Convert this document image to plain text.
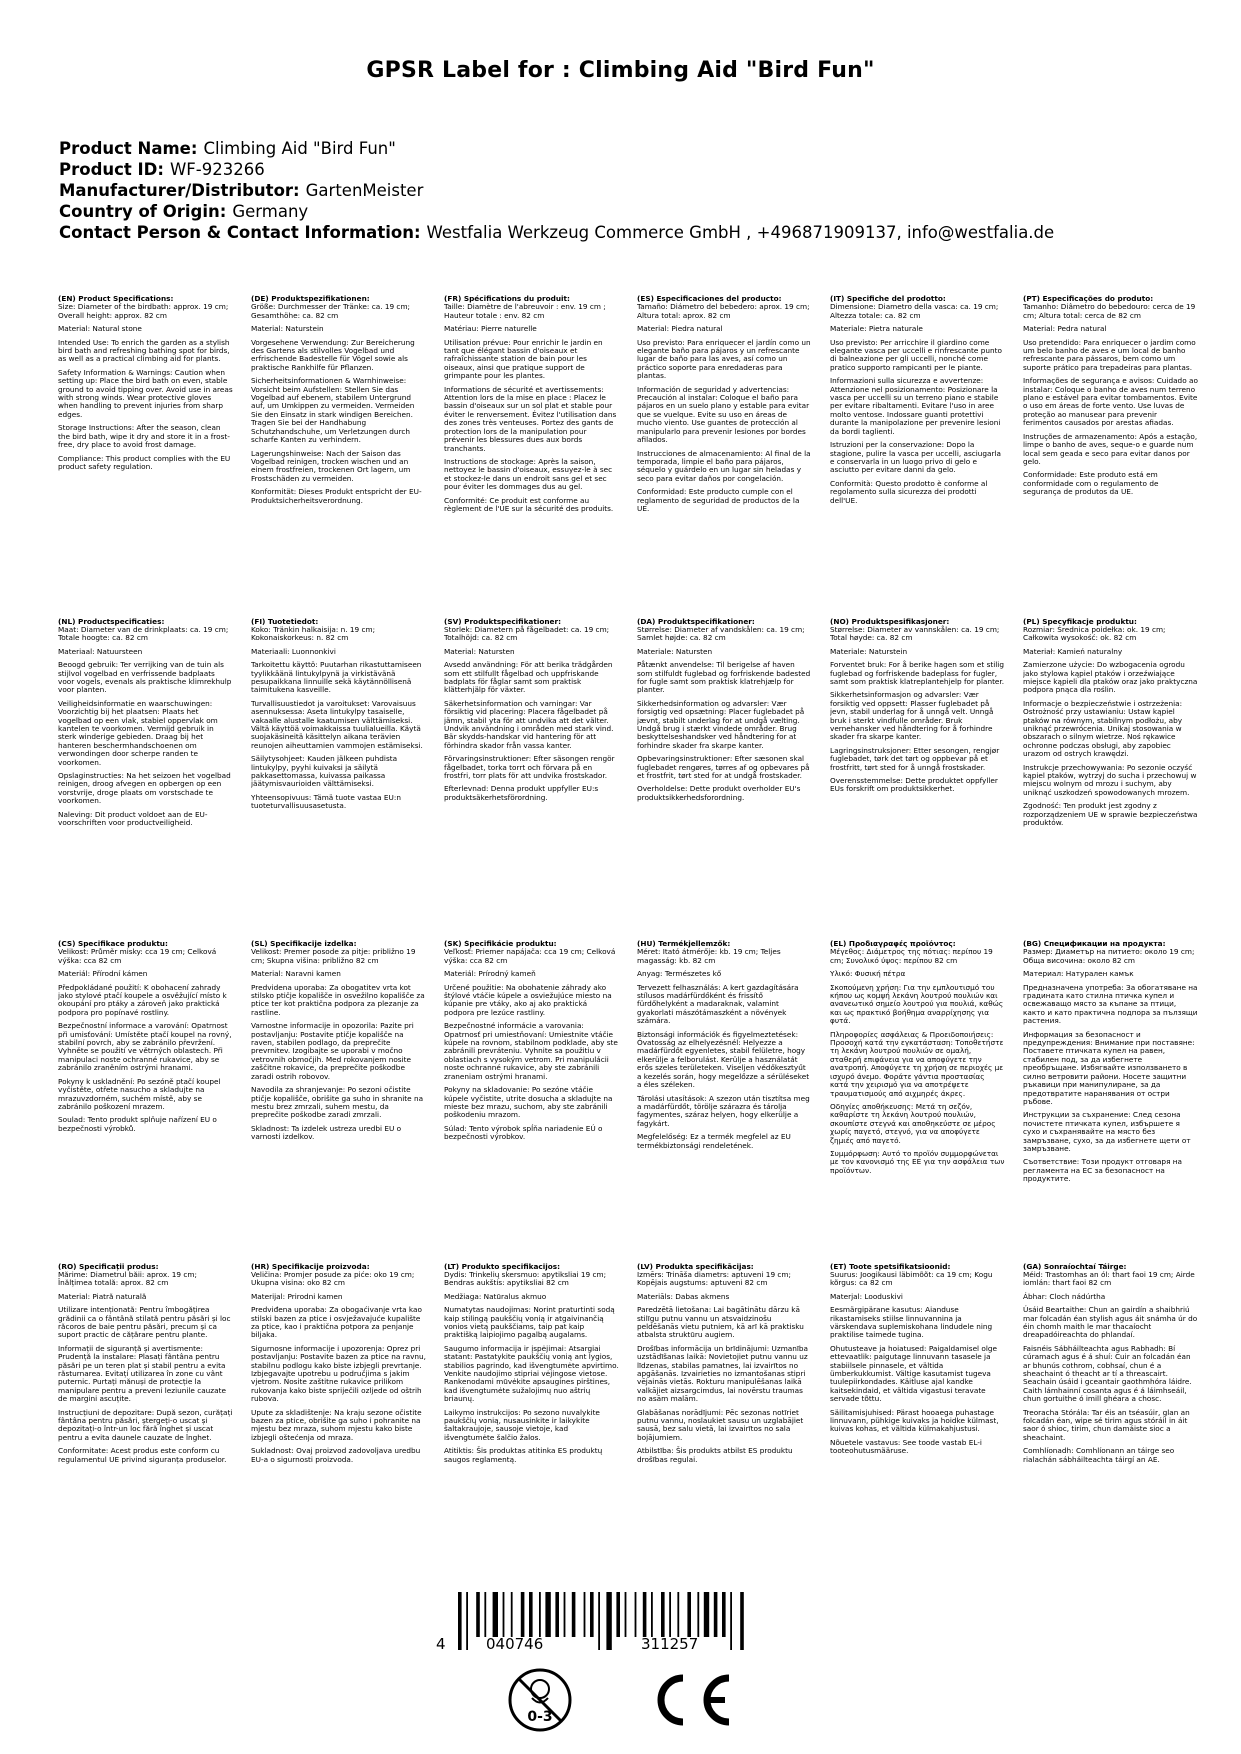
GPSR Label for : Climbing Aid "Bird Fun"
Product Name: Climbing Aid "Bird Fun"
Product ID: WF-923266
Manufacturer/Distributor: GartenMeister
Country of Origin: Germany
Contact Person & Contact Information: Westfalia Werkzeug Commerce GmbH , +496871909137, info@westfalia.de
(EN) Product Specifications:
Size: Diameter of the birdbath: approx. 19 cm; Overall height: approx. 82 cm
Material: Natural stone
Intended Use: To enrich the garden as a stylish bird bath and refreshing bathing spot for birds, as well as a practical climbing aid for plants.
Safety Information & Warnings: Caution when setting up: Place the bird bath on even, stable ground to avoid tipping over. Avoid use in areas with strong winds. Wear protective gloves when handling to prevent injuries from sharp edges.
Storage Instructions: After the season, clean the bird bath, wipe it dry and store it in a frost-free, dry place to avoid frost damage.
Compliance: This product complies with the EU product safety regulation.
(DE) Produktspezifikationen:
Größe: Durchmesser der Tränke: ca. 19 cm; Gesamthöhe: ca. 82 cm
Material: Naturstein
Vorgesehene Verwendung: Zur Bereicherung des Gartens als stilvolles Vogelbad und erfrischende Badestelle für Vögel sowie als praktische Rankhilfe für Pflanzen.
Sicherheitsinformationen & Warnhinweise: Vorsicht beim Aufstellen: Stellen Sie das Vogelbad auf ebenem, stabilem Untergrund auf, um Umkippen zu vermeiden. Vermeiden Sie den Einsatz in stark windigen Bereichen. Tragen Sie bei der Handhabung Schutzhandschuhe, um Verletzungen durch scharfe Kanten zu verhindern.
Lagerungshinweise: Nach der Saison das Vogelbad reinigen, trocken wischen und an einem frostfreien, trockenen Ort lagern, um Frostschäden zu vermeiden.
Konformität: Dieses Produkt entspricht der EU-Produktsicherheitsverordnung.
(FR) Spécifications du produit:
Taille: Diamètre de l'abreuvoir : env. 19 cm ; Hauteur totale : env. 82 cm
Matériau: Pierre naturelle
Utilisation prévue: Pour enrichir le jardin en tant que élégant bassin d'oiseaux et rafraîchissante station de bain pour les oiseaux, ainsi que pratique support de grimpante pour les plantes.
Informations de sécurité et avertissements: Attention lors de la mise en place : Placez le bassin d'oiseaux sur un sol plat et stable pour éviter le renversement. Évitez l'utilisation dans des zones très venteuses. Portez des gants de protection lors de la manipulation pour prévenir les blessures dues aux bords tranchants.
Instructions de stockage: Après la saison, nettoyez le bassin d'oiseaux, essuyez-le à sec et stockez-le dans un endroit sans gel et sec pour éviter les dommages dus au gel.
Conformité: Ce produit est conforme au règlement de l'UE sur la sécurité des produits.
(ES) Especificaciones del producto:
Tamaño: Diámetro del bebedero: aprox. 19 cm; Altura total: aprox. 82 cm
Material: Piedra natural
Uso previsto: Para enriquecer el jardín como un elegante baño para pájaros y un refrescante lugar de baño para las aves, así como un práctico soporte para enredaderas para plantas.
Información de seguridad y advertencias: Precaución al instalar: Coloque el baño para pájaros en un suelo plano y estable para evitar que se vuelque. Evite su uso en áreas de mucho viento. Use guantes de protección al manipularlo para prevenir lesiones por bordes afilados.
Instrucciones de almacenamiento: Al final de la temporada, limpie el baño para pájaros, séquelo y guárdelo en un lugar sin heladas y seco para evitar daños por congelación.
Conformidad: Este producto cumple con el reglamento de seguridad de productos de la UE.
(IT) Specifiche del prodotto:
Dimensione: Diametro della vasca: ca. 19 cm; Altezza totale: ca. 82 cm
Materiale: Pietra naturale
Uso previsto: Per arricchire il giardino come elegante vasca per uccelli e rinfrescante punto di balneazione per gli uccelli, nonché come pratico supporto rampicanti per le piante.
Informazioni sulla sicurezza e avvertenze: Attenzione nel posizionamento: Posizionare la vasca per uccelli su un terreno piano e stabile per evitare ribaltamenti. Evitare l'uso in aree molto ventose. Indossare guanti protettivi durante la manipolazione per prevenire lesioni da bordi taglienti.
Istruzioni per la conservazione: Dopo la stagione, pulire la vasca per uccelli, asciugarla e conservarla in un luogo privo di gelo e asciutto per evitare danni da gelo.
Conformità: Questo prodotto è conforme al regolamento sulla sicurezza dei prodotti dell'UE.
(PT) Especificações do produto:
Tamanho: Diâmetro do bebedouro: cerca de 19 cm; Altura total: cerca de 82 cm
Material: Pedra natural
Uso pretendido: Para enriquecer o jardim como um belo banho de aves e um local de banho refrescante para pássaros, bem como um suporte prático para trepadeiras para plantas.
Informações de segurança e avisos: Cuidado ao instalar: Coloque o banho de aves num terreno plano e estável para evitar tombamentos. Evite o uso em áreas de forte vento. Use luvas de proteção ao manusear para prevenir ferimentos causados por arestas afiadas.
Instruções de armazenamento: Após a estação, limpe o banho de aves, seque-o e guarde num local sem geada e seco para evitar danos por gelo.
Conformidade: Este produto está em conformidade com o regulamento de segurança de produtos da UE.
(NL) Productspecificaties:
Maat: Diameter van de drinkplaats: ca. 19 cm; Totale hoogte: ca. 82 cm
Materiaal: Natuursteen
Beoogd gebruik: Ter verrijking van de tuin als stijlvol vogelbad en verfrissende badplaats voor vogels, evenals als praktische klimrekhulp voor planten.
Veiligheidsinformatie en waarschuwingen: Voorzichtig bij het plaatsen: Plaats het vogelbad op een vlak, stabiel oppervlak om kantelen te voorkomen. Vermijd gebruik in sterk winderige gebieden. Draag bij het hanteren beschermhandschoenen om verwondingen door scherpe randen te voorkomen.
Opslaginstructies: Na het seizoen het vogelbad reinigen, droog afvegen en opbergen op een vorstvrije, droge plaats om vorstschade te voorkomen.
Naleving: Dit product voldoet aan de EU-voorschriften voor productveiligheid.
(FI) Tuotetiedot:
Koko: Tränkin halkaisija: n. 19 cm; Kokonaiskorkeus: n. 82 cm
Materiaali: Luonnonkivi
Tarkoitettu käyttö: Puutarhan rikastuttamiseen tyylikkäänä lintukylpynä ja virkistävänä pesupaikkana linnuille sekä käytännöllisenä taimitukena kasveille.
Turvallisuustiedot ja varoitukset: Varovaisuus asennuksessa: Aseta lintukylpy tasaiselle, vakaalle alustalle kaatumisen välttämiseksi. Vältä käyttöä voimakkaissa tuulialueilla. Käytä suojakäsineitä käsittelyn aikana terävien reunojen aiheuttamien vammojen estämiseksi.
Säilytysohjeet: Kauden jälkeen puhdista lintukylpy, pyyhi kuivaksi ja säilytä pakkasettomassa, kuivassa paikassa jäätymisvaurioiden välttämiseksi.
Yhteensopivuus: Tämä tuote vastaa EU:n tuoteturvallisuusasetusta.
(SV) Produktspecifikationer:
Storlek: Diametern på fågelbadet: ca. 19 cm; Totalhöjd: ca. 82 cm
Material: Natursten
Avsedd användning: För att berika trädgården som ett stilfullt fågelbad och uppfriskande badplats för fåglar samt som praktisk klätterhjälp för växter.
Säkerhetsinformation och varningar: Var försiktig vid placering: Placera fågelbadet på jämn, stabil yta för att undvika att det välter. Undvik användning i områden med stark vind. Bär skydds-handskar vid hantering för att förhindra skador från vassa kanter.
Förvaringsinstruktioner: Efter säsongen rengör fågelbadet, torka torrt och förvara på en frostfri, torr plats för att undvika frostskador.
Efterlevnad: Denna produkt uppfyller EU:s produktsäkerhetsförordning.
(DA) Produktspecifikationer:
Størrelse: Diameter af vandskålen: ca. 19 cm; Samlet højde: ca. 82 cm
Materiale: Natursten
Påtænkt anvendelse: Til berigelse af haven som stilfuldt fuglebad og forfriskende badested for fugle samt som praktisk klatrehjælp for planter.
Sikkerhedsinformation og advarsler: Vær forsigtig ved opsætning: Placer fuglebadet på jævnt, stabilt underlag for at undgå vælting. Undgå brug i stærkt vindede områder. Brug beskyttelseshandsker ved håndtering for at forhindre skader fra skarpe kanter.
Opbevaringsinstruktioner: Efter sæsonen skal fuglebadet rengøres, tørres af og opbevares på et frostfrit, tørt sted for at undgå frostskader.
Overholdelse: Dette produkt overholder EU's produktsikkerhedsforordning.
(NO) Produktspesifikasjoner:
Størrelse: Diameter av vannskålen: ca. 19 cm; Total høyde: ca. 82 cm
Materiale: Naturstein
Forventet bruk: For å berike hagen som et stilig fuglebad og forfriskende badeplass for fugler, samt som praktisk klatreplantehjelp for planter.
Sikkerhetsinformasjon og advarsler: Vær forsiktig ved oppsett: Plasser fuglebadet på jevn, stabil underlag for å unngå velt. Unngå bruk i sterkt vindfulle områder. Bruk vernehansker ved håndtering for å forhindre skader fra skarpe kanter.
Lagringsinstruksjoner: Etter sesongen, rengjør fuglebadet, tørk det tørt og oppbevar på et frostfritt, tørt sted for å unngå frostskader.
Overensstemmelse: Dette produktet oppfyller EUs forskrift om produktsikkerhet.
(PL) Specyfikacje produktu:
Rozmiar: Średnica poidełka: ok. 19 cm; Całkowita wysokość: ok. 82 cm
Materiał: Kamień naturalny
Zamierzone użycie: Do wzbogacenia ogrodu jako stylowa kąpiel ptaków i orzeźwiające miejsce kąpieli dla ptaków oraz jako praktyczna podpora pnąca dla roślin.
Informacje o bezpieczeństwie i ostrzeżenia: Ostrożność przy ustawianiu: Ustaw kąpiel ptaków na równym, stabilnym podłożu, aby uniknąć przewrócenia. Unikaj stosowania w obszarach o silnym wietrze. Noś rękawice ochronne podczas obsługi, aby zapobiec urazom od ostrych krawędzi.
Instrukcje przechowywania: Po sezonie oczyść kąpiel ptaków, wytrzyj do sucha i przechowuj w miejscu wolnym od mrozu i suchym, aby uniknąć uszkodzeń spowodowanych mrozem.
Zgodność: Ten produkt jest zgodny z rozporządzeniem UE w sprawie bezpieczeństwa produktów.
(CS) Specifikace produktu:
Velikost: Průměr misky: cca 19 cm; Celková výška: cca 82 cm
Materiál: Přírodní kámen
Předpokládané použití: K obohacení zahrady jako stylové ptačí koupele a osvěžující místo k okoupání pro ptáky a zároveň jako praktická podpora pro popínavé rostliny.
Bezpečnostní informace a varování: Opatrnost při umisťování: Umístěte ptačí koupel na rovný, stabilní povrch, aby se zabránilo převržení. Vyhněte se použití ve větrných oblastech. Při manipulaci noste ochranné rukavice, aby se zabránilo zraněním ostrými hranami.
Pokyny k uskladnění: Po sezóně ptačí koupel vyčistěte, otřete nasucho a skladujte na mrazuvzdorném, suchém místě, aby se zabránilo poškození mrazem.
Soulad: Tento produkt splňuje nařízení EU o bezpečnosti výrobků.
(SL) Specifikacije izdelka:
Velikost: Premer posode za pitje: približno 19 cm; Skupna višina: približno 82 cm
Material: Naravni kamen
Predvidena uporaba: Za obogatitev vrta kot stilsko ptičje kopališče in osvežilno kopališče za ptice ter kot praktična podpora za plezanje za rastline.
Varnostne informacije in opozorila: Pazite pri postavljanju: Postavite ptičje kopališče na raven, stabilen podlago, da preprečite prevrnitev. Izogibajte se uporabi v močno vetrovnih območjih. Med rokovanjem nosite zaščitne rokavice, da preprečite poškodbe zaradi ostrih robovov.
Navodila za shranjevanje: Po sezoni očistite ptičje kopališče, obrišite ga suho in shranite na mestu brez zmrzali, suhem mestu, da preprečite poškodbe zaradi zmrzali.
Skladnost: Ta izdelek ustreza uredbi EU o varnosti izdelkov.
(SK) Špecifikácie produktu:
Veľkosť: Priemer napájača: cca 19 cm; Celková výška: cca 82 cm
Materiál: Prírodný kameň
Určené použitie: Na obohatenie záhrady ako štýlové vtáčie kúpele a osviežujúce miesto na kúpanie pre vtáky, ako aj ako praktická podpora pre lezúce rastliny.
Bezpečnostné informácie a varovania: Opatrnosť pri umiestňovaní: Umiestnite vtáčie kúpele na rovnom, stabilnom podklade, aby ste zabránili prevráteniu. Vyhnite sa použitiu v oblastiach s vysokým vetrom. Pri manipulácii noste ochranné rukavice, aby ste zabránili zraneniam ostrými hranami.
Pokyny na skladovanie: Po sezóne vtáčie kúpele vyčistite, utrite dosucha a skladujte na mieste bez mrazu, suchom, aby ste zabránili poškodeniu mrazom.
Súlad: Tento výrobok spĺňa nariadenie EÚ o bezpečnosti výrobkov.
(HU) Termékjellemzők:
Méret: Itató átmérője: kb. 19 cm; Teljes magasság: kb. 82 cm
Anyag: Természetes kő
Tervezett felhasználás: A kert gazdagítására stílusos madárfürdőként és frissítő fürdőhelyként a madaraknak, valamint gyakorlati mászótámaszként a növények számára.
Biztonsági információk és figyelmeztetések: Óvatosság az elhelyezésnél: Helyezze a madárfürdőt egyenletes, stabil felületre, hogy elkerülje a felborulást. Kerülje a használatát erős szeles területeken. Viseljen védőkesztyűt a kezelés során, hogy megelőzze a sérüléseket a éles széleken.
Tárolási utasítások: A szezon után tisztítsa meg a madárfürdőt, törölje szárazra és tárolja fagymentes, száraz helyen, hogy elkerülje a fagykárt.
Megfelelőség: Ez a termék megfelel az EU termékbiztonsági rendeletének.
(EL) Προδιαγραφές προϊόντος:
Μέγεθος: Διάμετρος της πότιας: περίπου 19 cm; Συνολικό ύψος: περίπου 82 cm
Υλικό: Φυσική πέτρα
Σκοπούμενη χρήση: Για την εμπλουτισμό του κήπου ως κομψή λεκάνη λουτρού πουλιών και ανανεωτικό σημείο λουτρού για πουλιά, καθώς και ως πρακτικό βοήθημα αναρρίχησης για φυτά.
Πληροφορίες ασφάλειας & Προειδοποιήσεις: Προσοχή κατά την εγκατάσταση: Τοποθετήστε τη λεκάνη λουτρού πουλιών σε ομαλή, σταθερή επιφάνεια για να αποφύγετε την ανατροπή. Αποφύγετε τη χρήση σε περιοχές με ισχυρό άνεμο. Φοράτε γάντια προστασίας κατά την χειρισμό για να αποτρέψετε τραυματισμούς από αιχμηρές άκρες.
Οδηγίες αποθήκευσης: Μετά τη σεζόν, καθαρίστε τη λεκάνη λουτρού πουλιών, σκουπίστε στεγνά και αποθηκεύστε σε μέρος χωρίς παγετό, στεγνό, για να αποφύγετε ζημιές από παγετό.
Συμμόρφωση: Αυτό το προϊόν συμμορφώνεται με τον κανονισμό της ΕΕ για την ασφάλεια των προϊόντων.
(BG) Спецификации на продукта:
Размер: Диаметър на питието: около 19 cm; Обща височина: около 82 cm
Материал: Натурален камък
Предназначена употреба: За обогатяване на градината като стилна птичка купел и освежаващо място за къпане за птици, както и като практична подпора за пълзящи растения.
Информация за безопасност и предупреждения: Внимание при поставяне: Поставете птичката купел на равен, стабилен под, за да избегнете преобръщане. Избягвайте използването в силно ветровити райони. Носете защитни ръкавици при манипулиране, за да предотвратите наранявания от остри ръбове.
Инструкции за съхранение: След сезона почистете птичката купел, избършете я сухо и съхранявайте на място без замръзване, сухо, за да избегнете щети от замръзване.
Съответствие: Този продукт отговаря на регламента на ЕС за безопасност на продуктите.
(RO) Specificații produs:
Mărime: Diametrul băii: aprox. 19 cm; Înălțimea totală: aprox. 82 cm
Material: Piatră naturală
Utilizare intenționată: Pentru îmbogățirea grădinii ca o fântână stilată pentru păsări și loc răcoros de baie pentru păsări, precum și ca suport practic de cățărare pentru plante.
Informații de siguranță și avertismente: Prudență la instalare: Plasați fântâna pentru păsări pe un teren plat și stabil pentru a evita răsturnarea. Evitați utilizarea în zone cu vânt puternic. Purtați mănuși de protecție la manipulare pentru a preveni leziunile cauzate de margini ascuțite.
Instrucțiuni de depozitare: După sezon, curățați fântâna pentru păsări, ștergeți-o uscat și depozitați-o într-un loc fără înghet și uscat pentru a evita daunele cauzate de înghet.
Conformitate: Acest produs este conform cu regulamentul UE privind siguranța produselor.
(HR) Specifikacije proizvoda:
Veličina: Promjer posude za piće: oko 19 cm; Ukupna visina: oko 82 cm
Materijal: Prirodni kamen
Predviđena uporaba: Za obogaćivanje vrta kao stilski bazen za ptice i osvježavajuće kupalište za ptice, kao i praktična potpora za penjanje biljaka.
Sigurnosne informacije i upozorenja: Oprez pri postavljanju: Postavite bazen za ptice na ravnu, stabilnu podlogu kako biste izbjegli prevrtanje. Izbjegavajte upotrebu u područjima s jakim vjetrom. Nosite zaštitne rukavice prilikom rukovanja kako biste spriječili ozljede od oštrih rubova.
Upute za skladištenje: Na kraju sezone očistite bazen za ptice, obrišite ga suho i pohranite na mjestu bez mraza, suhom mjestu kako biste izbjegli oštećenja od mraza.
Sukladnost: Ovaj proizvod zadovoljava uredbu EU-a o sigurnosti proizvoda.
(LT) Produkto specifikacijos:
Dydis: Trinkelių skersmuo: apytiksliai 19 cm; Bendras aukštis: apytiksliai 82 cm
Medžiaga: Natūralus akmuo
Numatytas naudojimas: Norint praturtinti sodą kaip stilingą paukščių vonią ir atgaivinančią vonios vietą paukščiams, taip pat kaip praktišką laipiojimo pagalbą augalams.
Saugumo informacija ir įspėjimai: Atsargiai statant: Pastatykite paukščių vonią ant lygios, stabilios pagrindo, kad išvengtumėte apvirtimo. Venkite naudojimo stipriai vėjingose vietose. Rankenodami mūvėkite apsaugines pirštines, kad išvengtumėte sužalojimų nuo aštrių briaunų.
Laikymo instrukcijos: Po sezono nuvalykite paukščių vonią, nusausinkite ir laikykite šaltakraujoje, sausoje vietoje, kad išvengtumėte šalčio žalos.
Atitiktis: Šis produktas atitinka ES produktų saugos reglamentą.
(LV) Produkta specifikācijas:
Izmērs: Trināša diametrs: aptuveni 19 cm; Kopējais augstums: aptuveni 82 cm
Materiāls: Dabas akmens
Paredzētā lietošana: Lai bagātinātu dārzu kā stilīgu putnu vannu un atsvaidzinošu peldēšanās vietu putniem, kā arī kā praktisku atbalsta struktūru augiem.
Drošības informācija un brīdinājumi: Uzmanība uzstādīšanas laikā: Novietojiet putnu vannu uz līdzenas, stabilas pamatnes, lai izvairītos no apgāšanās. Izvairieties no izmantošanas stipri vējainās vietās. Rokturu manipulēšanas laikā valkājiet aizsargcimdus, lai novērstu traumas no asām malām.
Glabāšanas norādījumi: Pēc sezonas notīriet putnu vannu, noslaukiet sausu un uzglabājiet sausā, bez salu vietā, lai izvairītos no sala bojājumiem.
Atbilstība: Šis produkts atbilst ES produktu drošības regulai.
(ET) Toote spetsifikatsioonid:
Suurus: Joogikausi läbimõõt: ca 19 cm; Kogu kõrgus: ca 82 cm
Materjal: Looduskivi
Eesmärgipärane kasutus: Aianduse rikastamiseks stiilse linnuvannina ja värskendava suplemiskohana lindudele ning praktilise taimede tugina.
Ohutusteave ja hoiatused: Paigaldamisel olge ettevaatlik: paigutage linnuvann tasasele ja stabiilsele pinnasele, et vältida ümberkukkumist. Vältige kasutamist tugeva tuulepiirkondades. Käitluse ajal kandke kaitsekindaid, et vältida vigastusi teravate servade tõttu.
Säilitamisjuhised: Pärast hooaega puhastage linnuvann, pühkige kuivaks ja hoidke külmast, kuivas kohas, et vältida külmakahjustusi.
Nõuetele vastavus: See toode vastab EL-i tooteohutusmääruse.
(GA) Sonraíochtaí Táirge:
Méid: Trastomhas an ól: thart faoi 19 cm; Airde iomlán: thart faoi 82 cm
Ábhar: Cloch nádúrtha
Úsáid Beartaithe: Chun an gairdín a shaibhriú mar folcadán éan stylish agus áit snámha úr do éin chomh maith le mar thacaíocht dreapadóireachta do phlandaí.
Faisnéis Sábháilteachta agus Rabhadh: Bí cúramach agus é á shuí: Cuir an folcadán éan ar bhunús cothrom, cobhsaí, chun é a sheachaint ó theacht ar tí a threascairt. Seachain úsáid i gceantair gaothmhóra láidre. Caith lámhainní cosanta agus é á láimhseáil, chun gortuithe ó imill ghéara a chosc.
Treoracha Stórála: Tar éis an tséasúir, glan an folcadán éan, wipe sé tirim agus stóráil in áit saor ó shioc, tirim, chun damáiste sioc a sheachaint.
Comhlíonadh: Comhlíonann an táirge seo rialachán sábháilteachta táirgí an AE.
4	040746	311257
0-3
